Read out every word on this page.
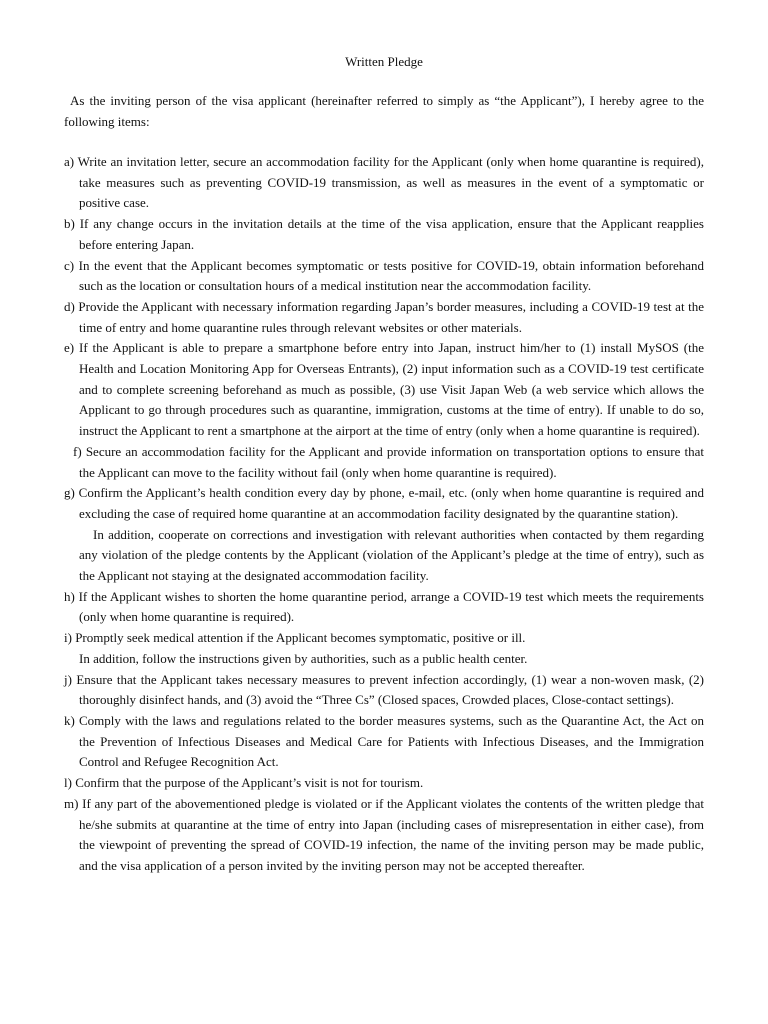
Written Pledge

As the inviting person of the visa applicant (hereinafter referred to simply as “the Applicant”), I hereby agree to the following items:

a) Write an invitation letter, secure an accommodation facility for the Applicant (only when home quarantine is required), take measures such as preventing COVID-19 transmission, as well as measures in the event of a symptomatic or positive case.

b) If any change occurs in the invitation details at the time of the visa application, ensure that the Applicant reapplies before entering Japan.

c) In the event that the Applicant becomes symptomatic or tests positive for COVID-19, obtain information beforehand such as the location or consultation hours of a medical institution near the accommodation facility.

d) Provide the Applicant with necessary information regarding Japan’s border measures, including a COVID-19 test at the time of entry and home quarantine rules through relevant websites or other materials.

e) If the Applicant is able to prepare a smartphone before entry into Japan, instruct him/her to (1) install MySOS (the Health and Location Monitoring App for Overseas Entrants), (2) input information such as a COVID-19 test certificate and to complete screening beforehand as much as possible, (3) use Visit Japan Web (a web service which allows the Applicant to go through procedures such as quarantine, immigration, customs at the time of entry). If unable to do so, instruct the Applicant to rent a smartphone at the airport at the time of entry (only when a home quarantine is required).

f) Secure an accommodation facility for the Applicant and provide information on transportation options to ensure that the Applicant can move to the facility without fail (only when home quarantine is required).

g) Confirm the Applicant’s health condition every day by phone, e-mail, etc. (only when home quarantine is required and excluding the case of required home quarantine at an accommodation facility designated by the quarantine station).

In addition, cooperate on corrections and investigation with relevant authorities when contacted by them regarding any violation of the pledge contents by the Applicant (violation of the Applicant’s pledge at the time of entry), such as the Applicant not staying at the designated accommodation facility.

h) If the Applicant wishes to shorten the home quarantine period, arrange a COVID-19 test which meets the requirements (only when home quarantine is required).

i) Promptly seek medical attention if the Applicant becomes symptomatic, positive or ill.

In addition, follow the instructions given by authorities, such as a public health center.

j) Ensure that the Applicant takes necessary measures to prevent infection accordingly, (1) wear a non-woven mask, (2) thoroughly disinfect hands, and (3) avoid the “Three Cs” (Closed spaces, Crowded places, Close-contact settings).

k) Comply with the laws and regulations related to the border measures systems, such as the Quarantine Act, the Act on the Prevention of Infectious Diseases and Medical Care for Patients with Infectious Diseases, and the Immigration Control and Refugee Recognition Act.

l) Confirm that the purpose of the Applicant’s visit is not for tourism.

m) If any part of the abovementioned pledge is violated or if the Applicant violates the contents of the written pledge that he/she submits at quarantine at the time of entry into Japan (including cases of misrepresentation in either case), from the viewpoint of preventing the spread of COVID-19 infection, the name of the inviting person may be made public, and the visa application of a person invited by the inviting person may not be accepted thereafter.
